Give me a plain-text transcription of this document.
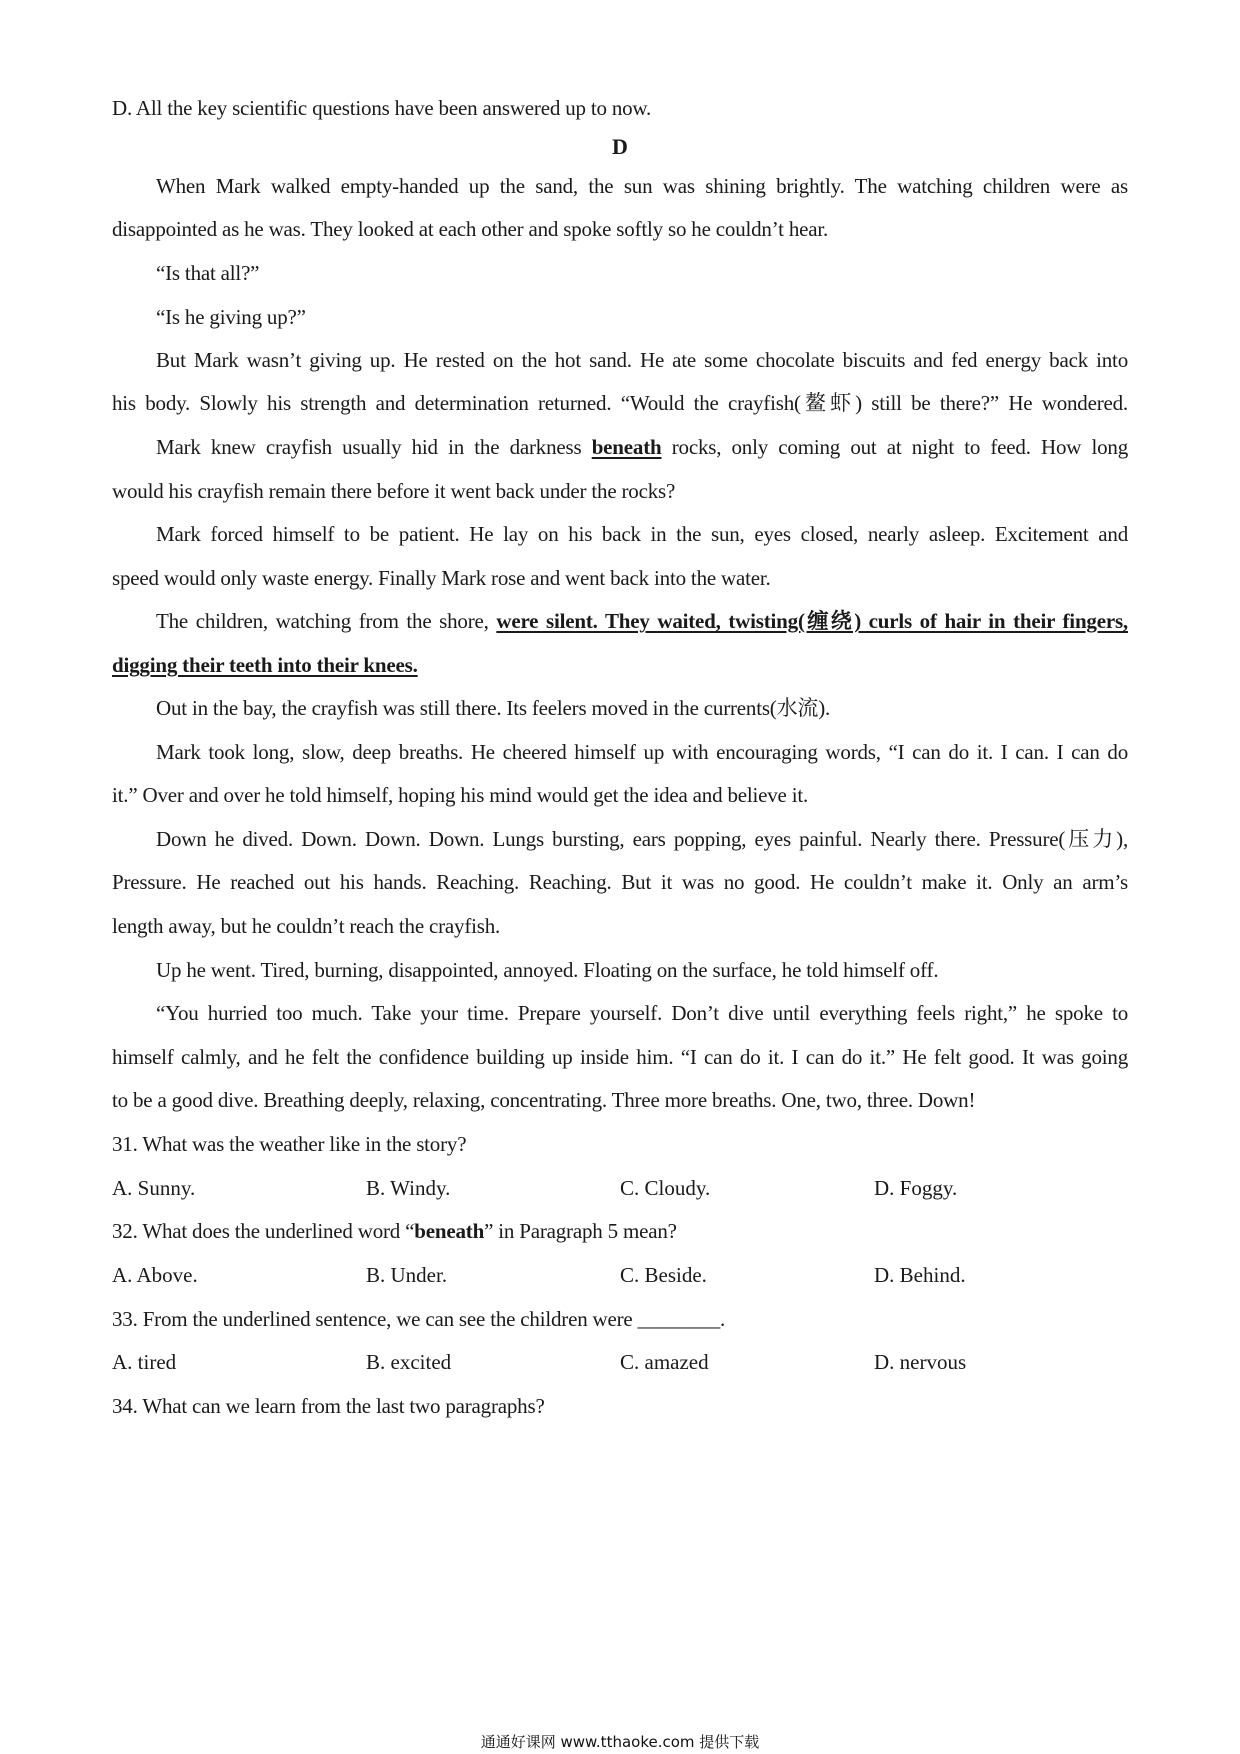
D. All the key scientific questions have been answered up to now.
D
When Mark walked empty-handed up the sand, the sun was shining brightly. The watching children were as
disappointed as he was. They looked at each other and spoke softly so he couldn’t hear.
“Is that all?”
“Is he giving up?”
But Mark wasn’t giving up. He rested on the hot sand. He ate some chocolate biscuits and fed energy back into
his body. Slowly his strength and determination returned. “Would the crayfish(鳌虾) still be there?” He wondered.
Mark knew crayfish usually hid in the darkness beneath rocks, only coming out at night to feed. How long
would his crayfish remain there before it went back under the rocks?
Mark forced himself to be patient. He lay on his back in the sun, eyes closed, nearly asleep. Excitement and
speed would only waste energy. Finally Mark rose and went back into the water.
The children, watching from the shore, were silent. They waited, twisting(缠绕) curls of hair in their fingers,
digging their teeth into their knees.
Out in the bay, the crayfish was still there. Its feelers moved in the currents(水流).
Mark took long, slow, deep breaths. He cheered himself up with encouraging words, “I can do it. I can. I can do
it.” Over and over he told himself, hoping his mind would get the idea and believe it.
Down he dived. Down. Down. Down. Lungs bursting, ears popping, eyes painful. Nearly there. Pressure(压力),
Pressure. He reached out his hands. Reaching. Reaching. But it was no good. He couldn’t make it. Only an arm’s
length away, but he couldn’t reach the crayfish.
Up he went. Tired, burning, disappointed, annoyed. Floating on the surface, he told himself off.
“You hurried too much. Take your time. Prepare yourself. Don’t dive until everything feels right,” he spoke to
himself calmly, and he felt the confidence building up inside him. “I can do it. I can do it.” He felt good. It was going
to be a good dive. Breathing deeply, relaxing, concentrating. Three more breaths. One, two, three. Down!
31. What was the weather like in the story?
A. Sunny.	B. Windy.	C. Cloudy.	D. Foggy.
32. What does the underlined word “beneath” in Paragraph 5 mean?
A. Above.	B. Under.	C. Beside.	D. Behind.
33. From the underlined sentence, we can see the children were ________.
A. tired	B. excited	C. amazed	D. nervous
34. What can we learn from the last two paragraphs?
通通好课网 www.tthaoke.com 提供下载
